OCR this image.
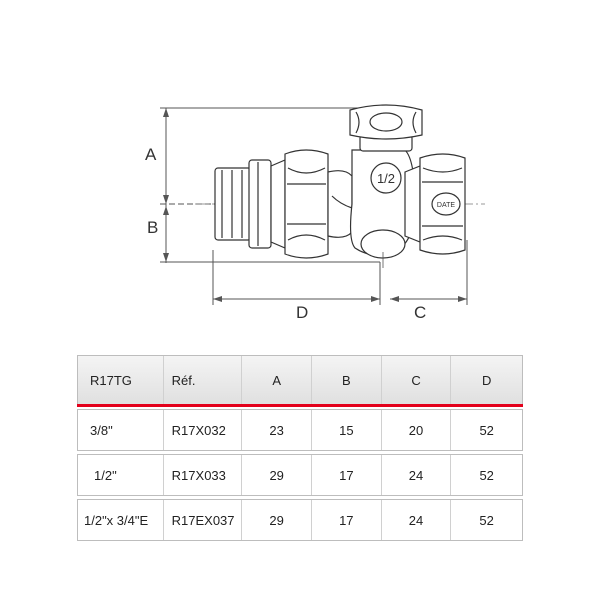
A
B
D	C
1/2
DATE
R17TG	Réf.	A	B	C	D
3/8"	R17X032	23	15	20	52
1/2"	R17X033	29	17	24	52
1/2"x 3/4"E	R17EX037	29	17	24	52
